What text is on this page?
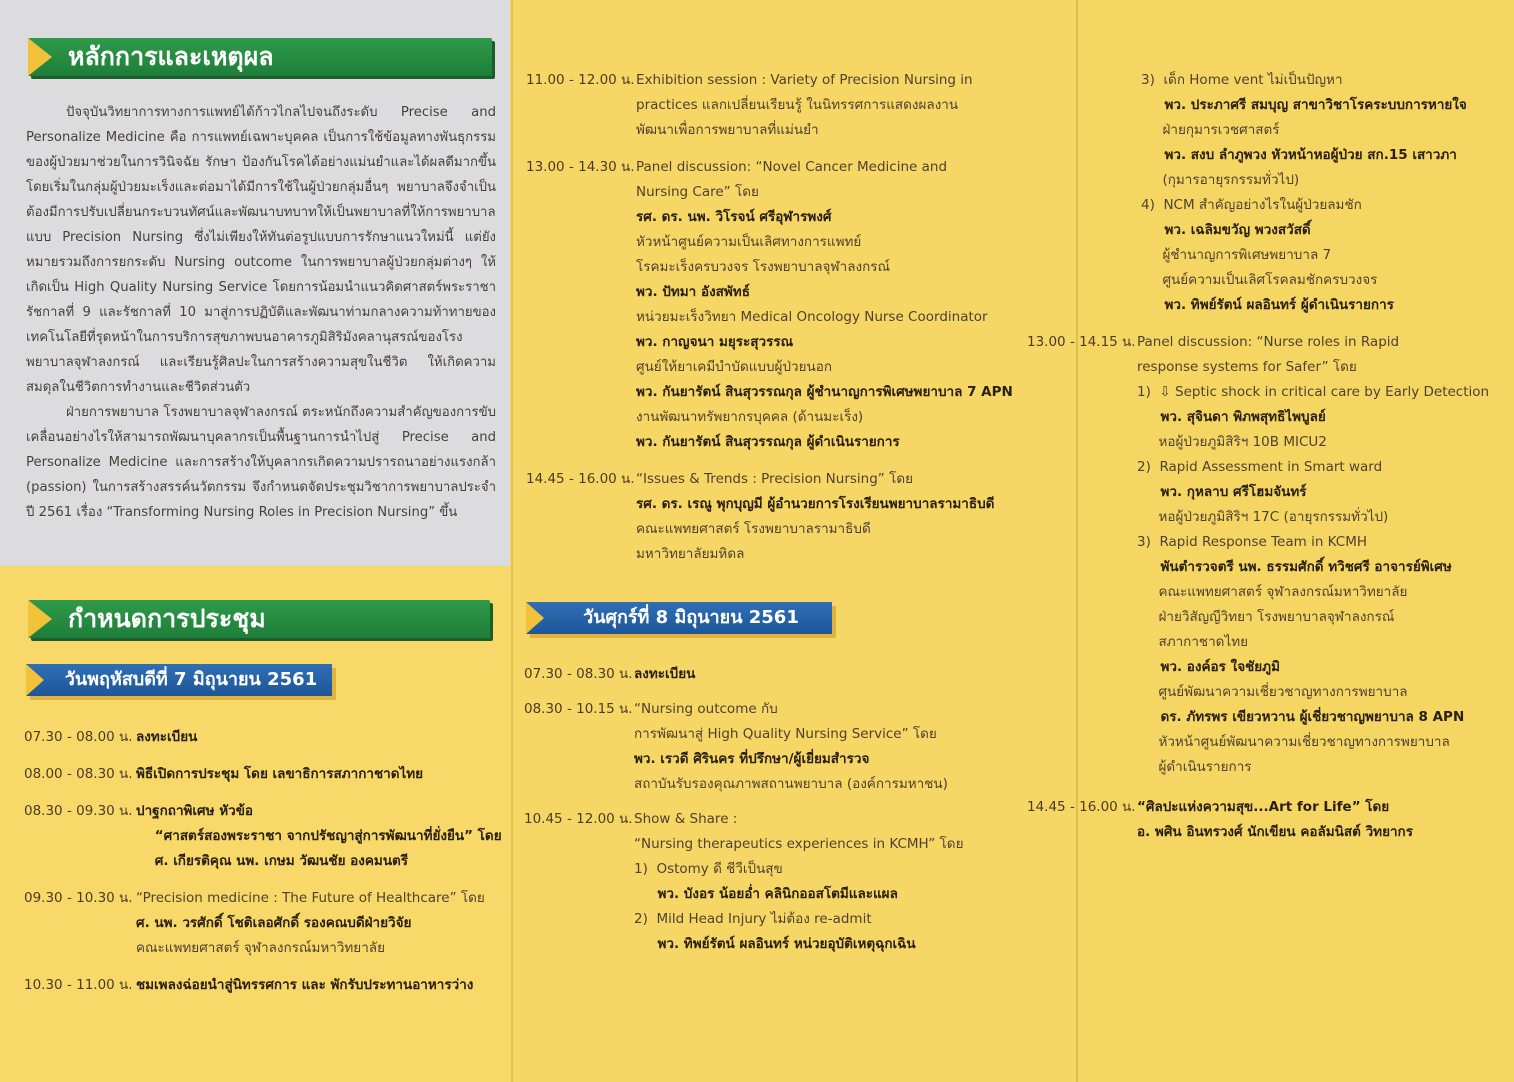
หลักการและเหตุผล

ปัจจุบันวิทยาการทางการแพทย์ได้ก้าวไกลไปจนถึงระดับ Precise and Personalize Medicine คือ การแพทย์เฉพาะบุคคล เป็นการใช้ข้อมูลทางพันธุกรรมของผู้ป่วยมาช่วยในการวินิจฉัย รักษา ป้องกันโรคได้อย่างแม่นยำและได้ผลดีมากขึ้น โดยเริ่มในกลุ่มผู้ป่วยมะเร็งและต่อมาได้มีการใช้ในผู้ป่วยกลุ่มอื่นๆ พยาบาลจึงจำเป็นต้องมีการปรับเปลี่ยนกระบวนทัศน์และพัฒนาบทบาทให้เป็นพยาบาลที่ให้การพยาบาลแบบ Precision Nursing ซึ่งไม่เพียงให้ทันต่อรูปแบบการรักษาแนวใหม่นี้ แต่ยังหมายรวมถึงการยกระดับ Nursing outcome ในการพยาบาลผู้ป่วยกลุ่มต่างๆ ให้เกิดเป็น High Quality Nursing Service โดยการน้อมนำแนวคิดศาสตร์พระราชารัชกาลที่ 9 และรัชกาลที่ 10 มาสู่การปฏิบัติและพัฒนาท่ามกลางความท้าทายของเทคโนโลยีที่รุดหน้าในการบริการสุขภาพบนอาคารภูมิสิริมังคลานุสรณ์ของโรงพยาบาลจุฬาลงกรณ์ และเรียนรู้ศิลปะในการสร้างความสุขในชีวิต ให้เกิดความสมดุลในชีวิตการทำงานและชีวิตส่วนตัว

ฝ่ายการพยาบาล โรงพยาบาลจุฬาลงกรณ์ ตระหนักถึงความสำคัญของการขับเคลื่อนอย่างไรให้สามารถพัฒนาบุคลากรเป็นพื้นฐานการนำไปสู่ Precise and Personalize Medicine และการสร้างให้บุคลากรเกิดความปรารถนาอย่างแรงกล้า (passion) ในการสร้างสรรค์นวัตกรรม จึงกำหนดจัดประชุมวิชาการพยาบาลประจำปี 2561 เรื่อง “Transforming Nursing Roles in Precision Nursing” ขึ้น

กำหนดการประชุม
วันพฤหัสบดีที่ 7 มิถุนายน 2561
07.30 - 08.00 น. ลงทะเบียน
08.00 - 08.30 น. พิธีเปิดการประชุม โดย เลขาธิการสภากาชาดไทย
08.30 - 09.30 น. ปาฐกถาพิเศษ หัวข้อ
“ศาสตร์สองพระราชา จากปรัชญาสู่การพัฒนาที่ยั่งยืน” โดย
ศ. เกียรติคุณ นพ. เกษม วัฒนชัย องคมนตรี
09.30 - 10.30 น. “Precision medicine : The Future of Healthcare” โดย
ศ. นพ. วรศักดิ์ โชติเลอศักดิ์ รองคณบดีฝ่ายวิจัย
คณะแพทยศาสตร์ จุฬาลงกรณ์มหาวิทยาลัย
10.30 - 11.00 น. ชมเพลงฉ่อยนำสู่นิทรรศการ และ พักรับประทานอาหารว่าง
11.00 - 12.00 น. Exhibition session : Variety of Precision Nursing in
practices แลกเปลี่ยนเรียนรู้ ในนิทรรศการแสดงผลงาน
พัฒนาเพื่อการพยาบาลที่แม่นยำ
13.00 - 14.30 น. Panel discussion: “Novel Cancer Medicine and
Nursing Care” โดย
รศ. ดร. นพ. วิโรจน์ ศรีอุฬารพงศ์
หัวหน้าศูนย์ความเป็นเลิศทางการแพทย์
โรคมะเร็งครบวงจร โรงพยาบาลจุฬาลงกรณ์
พว. ปัทมา อังสพัทธ์
หน่วยมะเร็งวิทยา Medical Oncology Nurse Coordinator
พว. กาญจนา มยุระสุวรรณ
ศูนย์ให้ยาเคมีบำบัดแบบผู้ป่วยนอก
พว. กันยารัตน์ สินสุวรรณกุล ผู้ชำนาญการพิเศษพยาบาล 7 APN
งานพัฒนาทรัพยากรบุคคล (ด้านมะเร็ง)
พว. กันยารัตน์ สินสุวรรณกุล ผู้ดำเนินรายการ
14.45 - 16.00 น. “Issues & Trends : Precision Nursing” โดย
รศ. ดร. เรณู พุกบุญมี ผู้อำนวยการโรงเรียนพยาบาลรามาธิบดี
คณะแพทยศาสตร์ โรงพยาบาลรามาธิบดี
มหาวิทยาลัยมหิดล
วันศุกร์ที่ 8 มิถุนายน 2561
07.30 - 08.30 น. ลงทะเบียน
08.30 - 10.15 น. “Nursing outcome กับ
การพัฒนาสู่ High Quality Nursing Service” โดย
พว. เรวดี ศิรินคร ที่ปรึกษา/ผู้เยี่ยมสำรวจ
สถาบันรับรองคุณภาพสถานพยาบาล (องค์การมหาชน)
10.45 - 12.00 น. Show & Share :
“Nursing therapeutics experiences in KCMH” โดย
1)  Ostomy ดี ชีวีเป็นสุข
พว. บังอร น้อยอ่ำ คลินิกออสโตมีและแผล
2)  Mild Head Injury ไม่ต้อง re-admit
พว. ทิพย์รัตน์ ผลอินทร์ หน่วยอุบัติเหตุฉุกเฉิน
3)  เด็ก Home vent ไม่เป็นปัญหา
พว. ประภาศรี สมบุญ สาขาวิชาโรคระบบการหายใจ
ฝ่ายกุมารเวชศาสตร์
พว. สงบ ลำภูพวง หัวหน้าหอผู้ป่วย สก.15 เสาวภา
(กุมารอายุรกรรมทั่วไป)
4)  NCM สำคัญอย่างไรในผู้ป่วยลมชัก
พว. เฉลิมขวัญ พวงสวัสดิ์
ผู้ชำนาญการพิเศษพยาบาล 7
ศูนย์ความเป็นเลิศโรคลมชักครบวงจร
พว. ทิพย์รัตน์ ผลอินทร์ ผู้ดำเนินรายการ
13.00 - 14.15 น. Panel discussion: “Nurse roles in Rapid
response systems for Safer” โดย
1)  ⇩ Septic shock in critical care by Early Detection
พว. สุจินดา พิภพสุทธิไพบูลย์
หอผู้ป่วยภูมิสิริฯ 10B MICU2
2)  Rapid Assessment in Smart ward
พว. กุหลาบ ศรีโฮมจันทร์
หอผู้ป่วยภูมิสิริฯ 17C (อายุรกรรมทั่วไป)
3)  Rapid Response Team in KCMH
พันตำรวจตรี นพ. ธรรมศักดิ์ ทวิชศรี อาจารย์พิเศษ
คณะแพทยศาสตร์ จุฬาลงกรณ์มหาวิทยาลัย
ฝ่ายวิสัญญีวิทยา โรงพยาบาลจุฬาลงกรณ์
สภากาชาดไทย
พว. องค์อร ใจชัยภูมิ
ศูนย์พัฒนาความเชี่ยวชาญทางการพยาบาล
ดร. ภัทรพร เขียวหวาน ผู้เชี่ยวชาญพยาบาล 8 APN
หัวหน้าศูนย์พัฒนาความเชี่ยวชาญทางการพยาบาล
ผู้ดำเนินรายการ
14.45 - 16.00 น. “ศิลปะแห่งความสุข...Art for Life” โดย
อ. พศิน อินทรวงศ์ นักเขียน คอลัมนิสต์ วิทยากร
